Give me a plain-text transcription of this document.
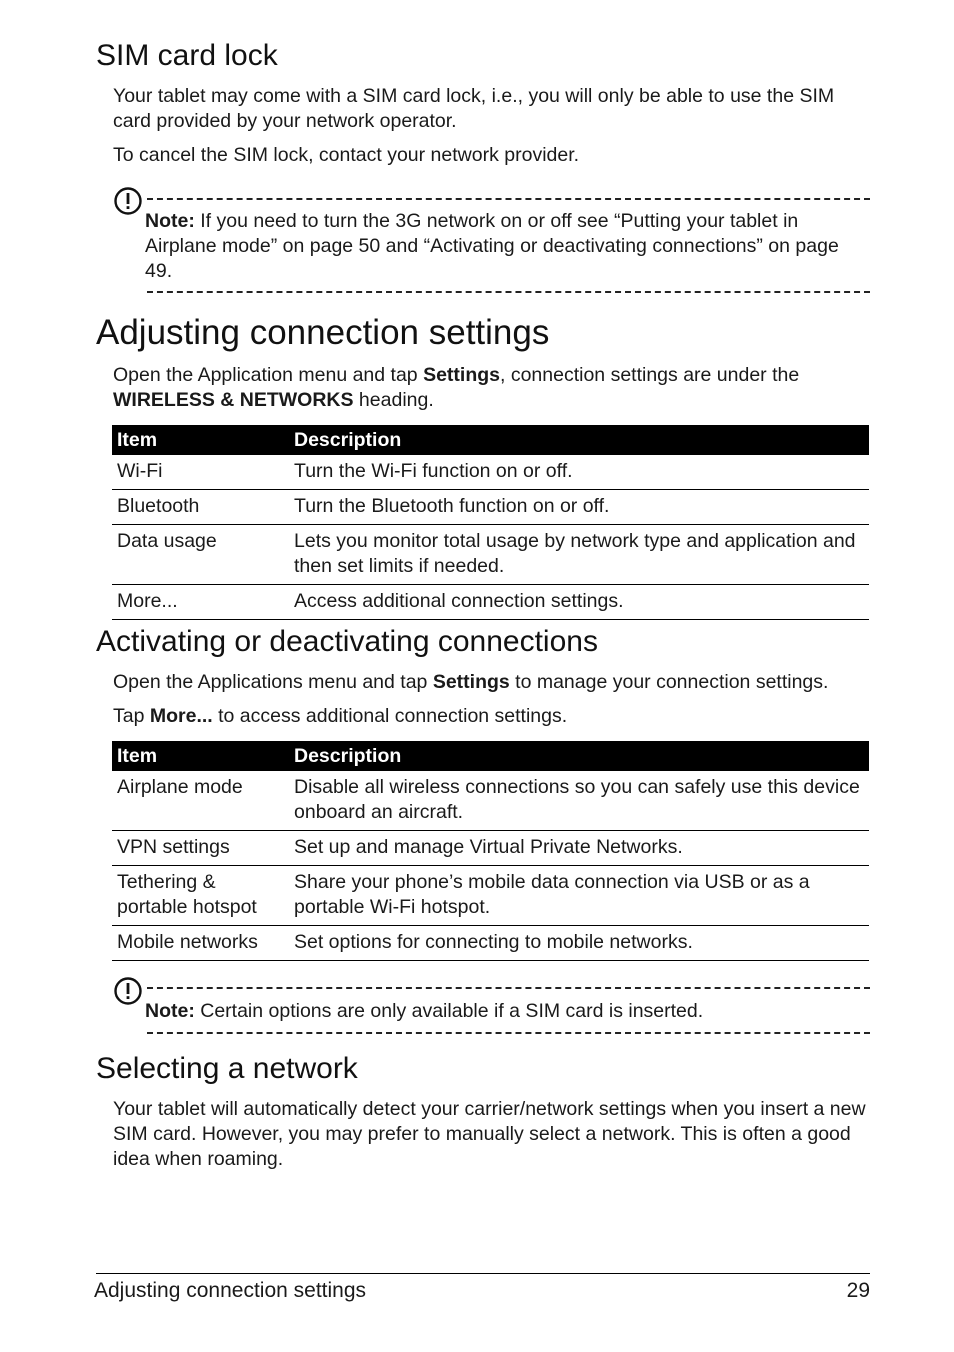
SIM card lock

Your tablet may come with a SIM card lock, i.e., you will only be able to use the SIM card provided by your network operator.

To cancel the SIM lock, contact your network provider.

Note: If you need to turn the 3G network on or off see “Putting your tablet in Airplane mode” on page 50 and “Activating or deactivating connections” on page 49.
Adjusting connection settings

Open the Application menu and tap Settings, connection settings are under the WIRELESS & NETWORKS heading.

Item	Description
Wi-Fi	Turn the Wi-Fi function on or off.
Bluetooth	Turn the Bluetooth function on or off.
Data usage	Lets you monitor total usage by network type and application and then set limits if needed.
More...	Access additional connection settings.
Activating or deactivating connections

Open the Applications menu and tap Settings to manage your connection settings.

Tap More... to access additional connection settings.

Item	Description
Airplane mode	Disable all wireless connections so you can safely use this device onboard an aircraft.
VPN settings	Set up and manage Virtual Private Networks.
Tethering & portable hotspot	Share your phone’s mobile data connection via USB or as a portable Wi-Fi hotspot.
Mobile networks	Set options for connecting to mobile networks.
Note: Certain options are only available if a SIM card is inserted.
Selecting a network

Your tablet will automatically detect your carrier/network settings when you insert a new SIM card. However, you may prefer to manually select a network. This is often a good idea when roaming.

Adjusting connection settings	29
